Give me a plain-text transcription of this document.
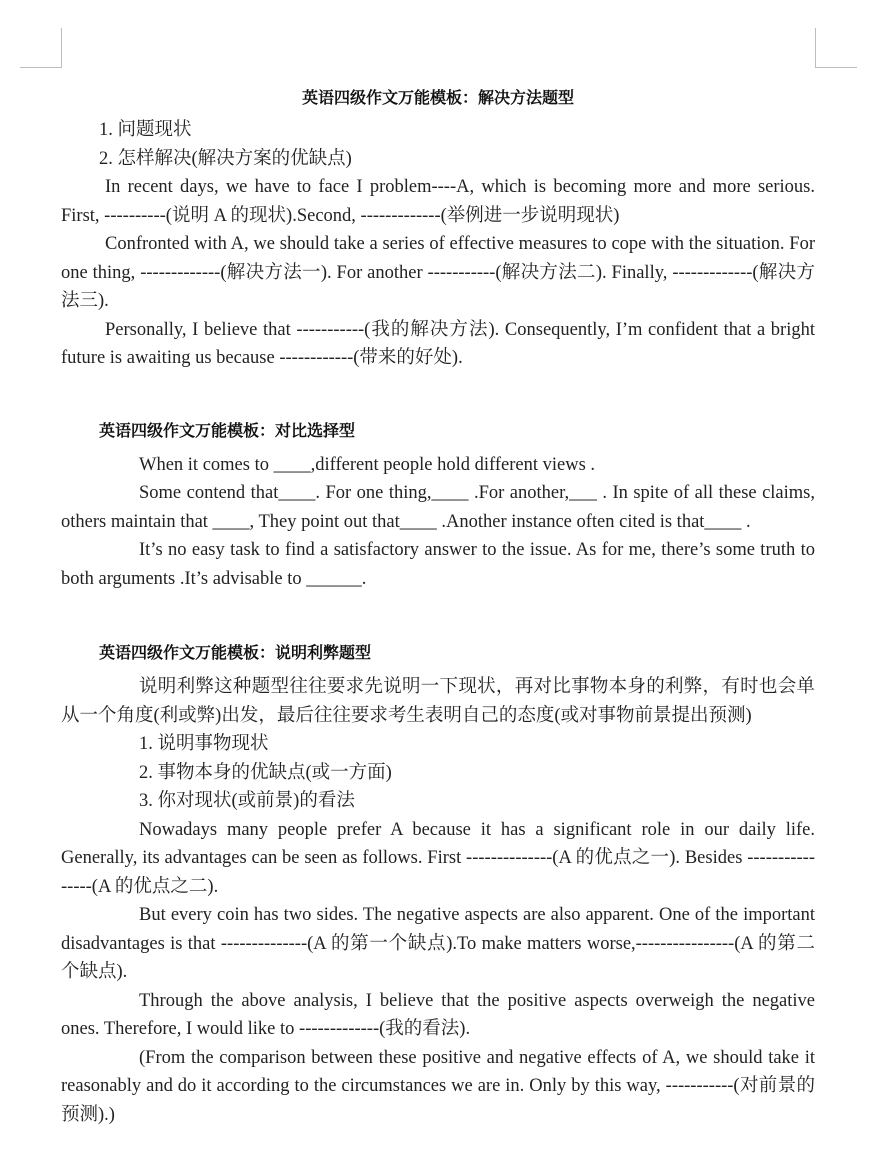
英语四级作文万能模板：解决方法题型

1. 问题现状

2. 怎样解决(解决方案的优缺点)

In recent days, we have to face I problem----A, which is becoming more and more serious. First, ----------(说明 A 的现状).Second, -------------(举例进一步说明现状)

Confronted with A, we should take a series of effective measures to cope with the situation. For one thing, -------------(解决方法一). For another -----------(解决方法二). Finally, -------------(解决方法三).

Personally, I believe that -----------(我的解决方法). Consequently, I’m confident that a bright future is awaiting us because ------------(带来的好处).

英语四级作文万能模板：对比选择型

When it comes to ____,different people hold different views .

Some contend that____. For one thing,____ .For another,___ . In spite of all these claims, others maintain that ____, They point out that____ .Another instance often cited is that____ .

It’s no easy task to find a satisfactory answer to the issue. As for me, there’s some truth to both arguments .It’s advisable to ______.

英语四级作文万能模板：说明利弊题型

说明利弊这种题型往往要求先说明一下现状，再对比事物本身的利弊，有时也会单从一个角度(利或弊)出发，最后往往要求考生表明自己的态度(或对事物前景提出预测)

1. 说明事物现状

2. 事物本身的优缺点(或一方面)

3. 你对现状(或前景)的看法

Nowadays many people prefer A because it has a significant role in our daily life. Generally, its advantages can be seen as follows. First --------------(A 的优点之一). Besides ----------------(A 的优点之二).

But every coin has two sides. The negative aspects are also apparent. One of the important disadvantages is that --------------(A 的第一个缺点).To make matters worse,----------------(A 的第二个缺点).

Through the above analysis, I believe that the positive aspects overweigh the negative ones. Therefore, I would like to -------------(我的看法).

(From the comparison between these positive and negative effects of A, we should take it reasonably and do it according to the circumstances we are in. Only by this way, -----------(对前景的预测).)
